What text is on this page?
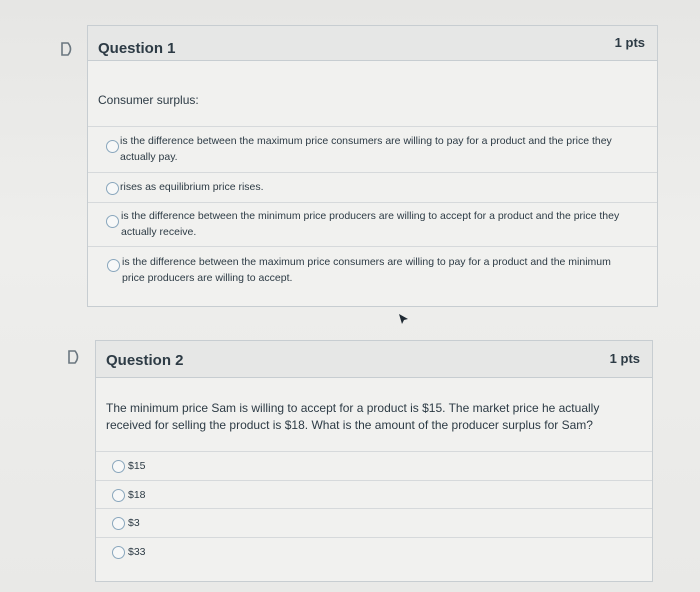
Question 1	1 pts
Consumer surplus:
is the difference between the maximum price consumers are willing to pay for a product and the price they actually pay.
rises as equilibrium price rises.
is the difference between the minimum price producers are willing to accept for a product and the price they actually receive.
is the difference between the maximum price consumers are willing to pay for a product and the minimum price producers are willing to accept.
Question 2	1 pts
The minimum price Sam is willing to accept for a product is $15. The market price he actually received for selling the product is $18. What is the amount of the producer surplus for Sam?
$15
$18
$3
$33
